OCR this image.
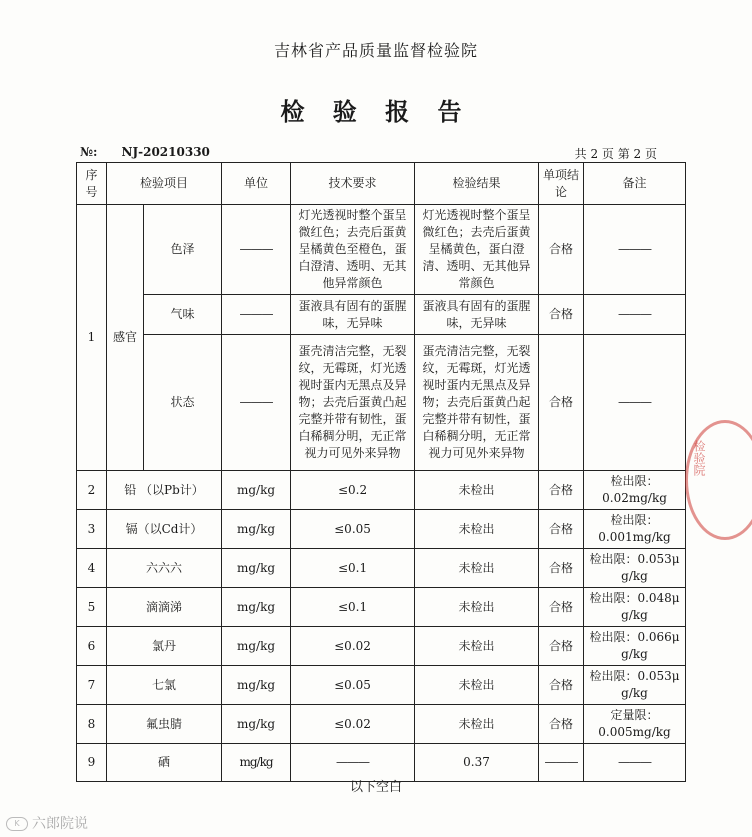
吉林省产品质量监督检验院
检 验 报 告
№: NJ-20210330	共 2 页 第 2 页
序号	检验项目		单位	技术要求	检验结果	单项结论	备注
1	感官	色泽	———	灯光透视时整个蛋呈微红色；去壳后蛋黄呈橘黄色至橙色，蛋白澄清、透明、无其他异常颜色	灯光透视时整个蛋呈微红色；去壳后蛋黄呈橘黄色，蛋白澄清、透明、无其他异常颜色	合格	———
		气味	———	蛋液具有固有的蛋腥味，无异味	蛋液具有固有的蛋腥味，无异味	合格	———
		状态	———	蛋壳清洁完整，无裂纹，无霉斑，灯光透视时蛋内无黑点及异物；去壳后蛋黄凸起完整并带有韧性，蛋白稀稠分明，无正常视力可见外来异物	蛋壳清洁完整，无裂纹，无霉斑，灯光透视时蛋内无黑点及异物；去壳后蛋黄凸起完整并带有韧性，蛋白稀稠分明，无正常视力可见外来异物	合格	———
2	铅 （以Pb计）		mg/kg	≤0.2	未检出	合格	检出限：0.02mg/kg
3	镉（以Cd计）		mg/kg	≤0.05	未检出	合格	检出限：0.001mg/kg
4	六六六		mg/kg	≤0.1	未检出	合格	检出限：0.053μ g/kg
5	滴滴涕		mg/kg	≤0.1	未检出	合格	检出限：0.048μ g/kg
6	氯丹		mg/kg	≤0.02	未检出	合格	检出限：0.066μ g/kg
7	七氯		mg/kg	≤0.05	未检出	合格	检出限：0.053μ g/kg
8	氟虫腈		mg/kg	≤0.02	未检出	合格	定量限：0.005mg/kg
9	硒		mg/kg	———	0.37	———	———
以下空白
检验院
K 六郎院说
